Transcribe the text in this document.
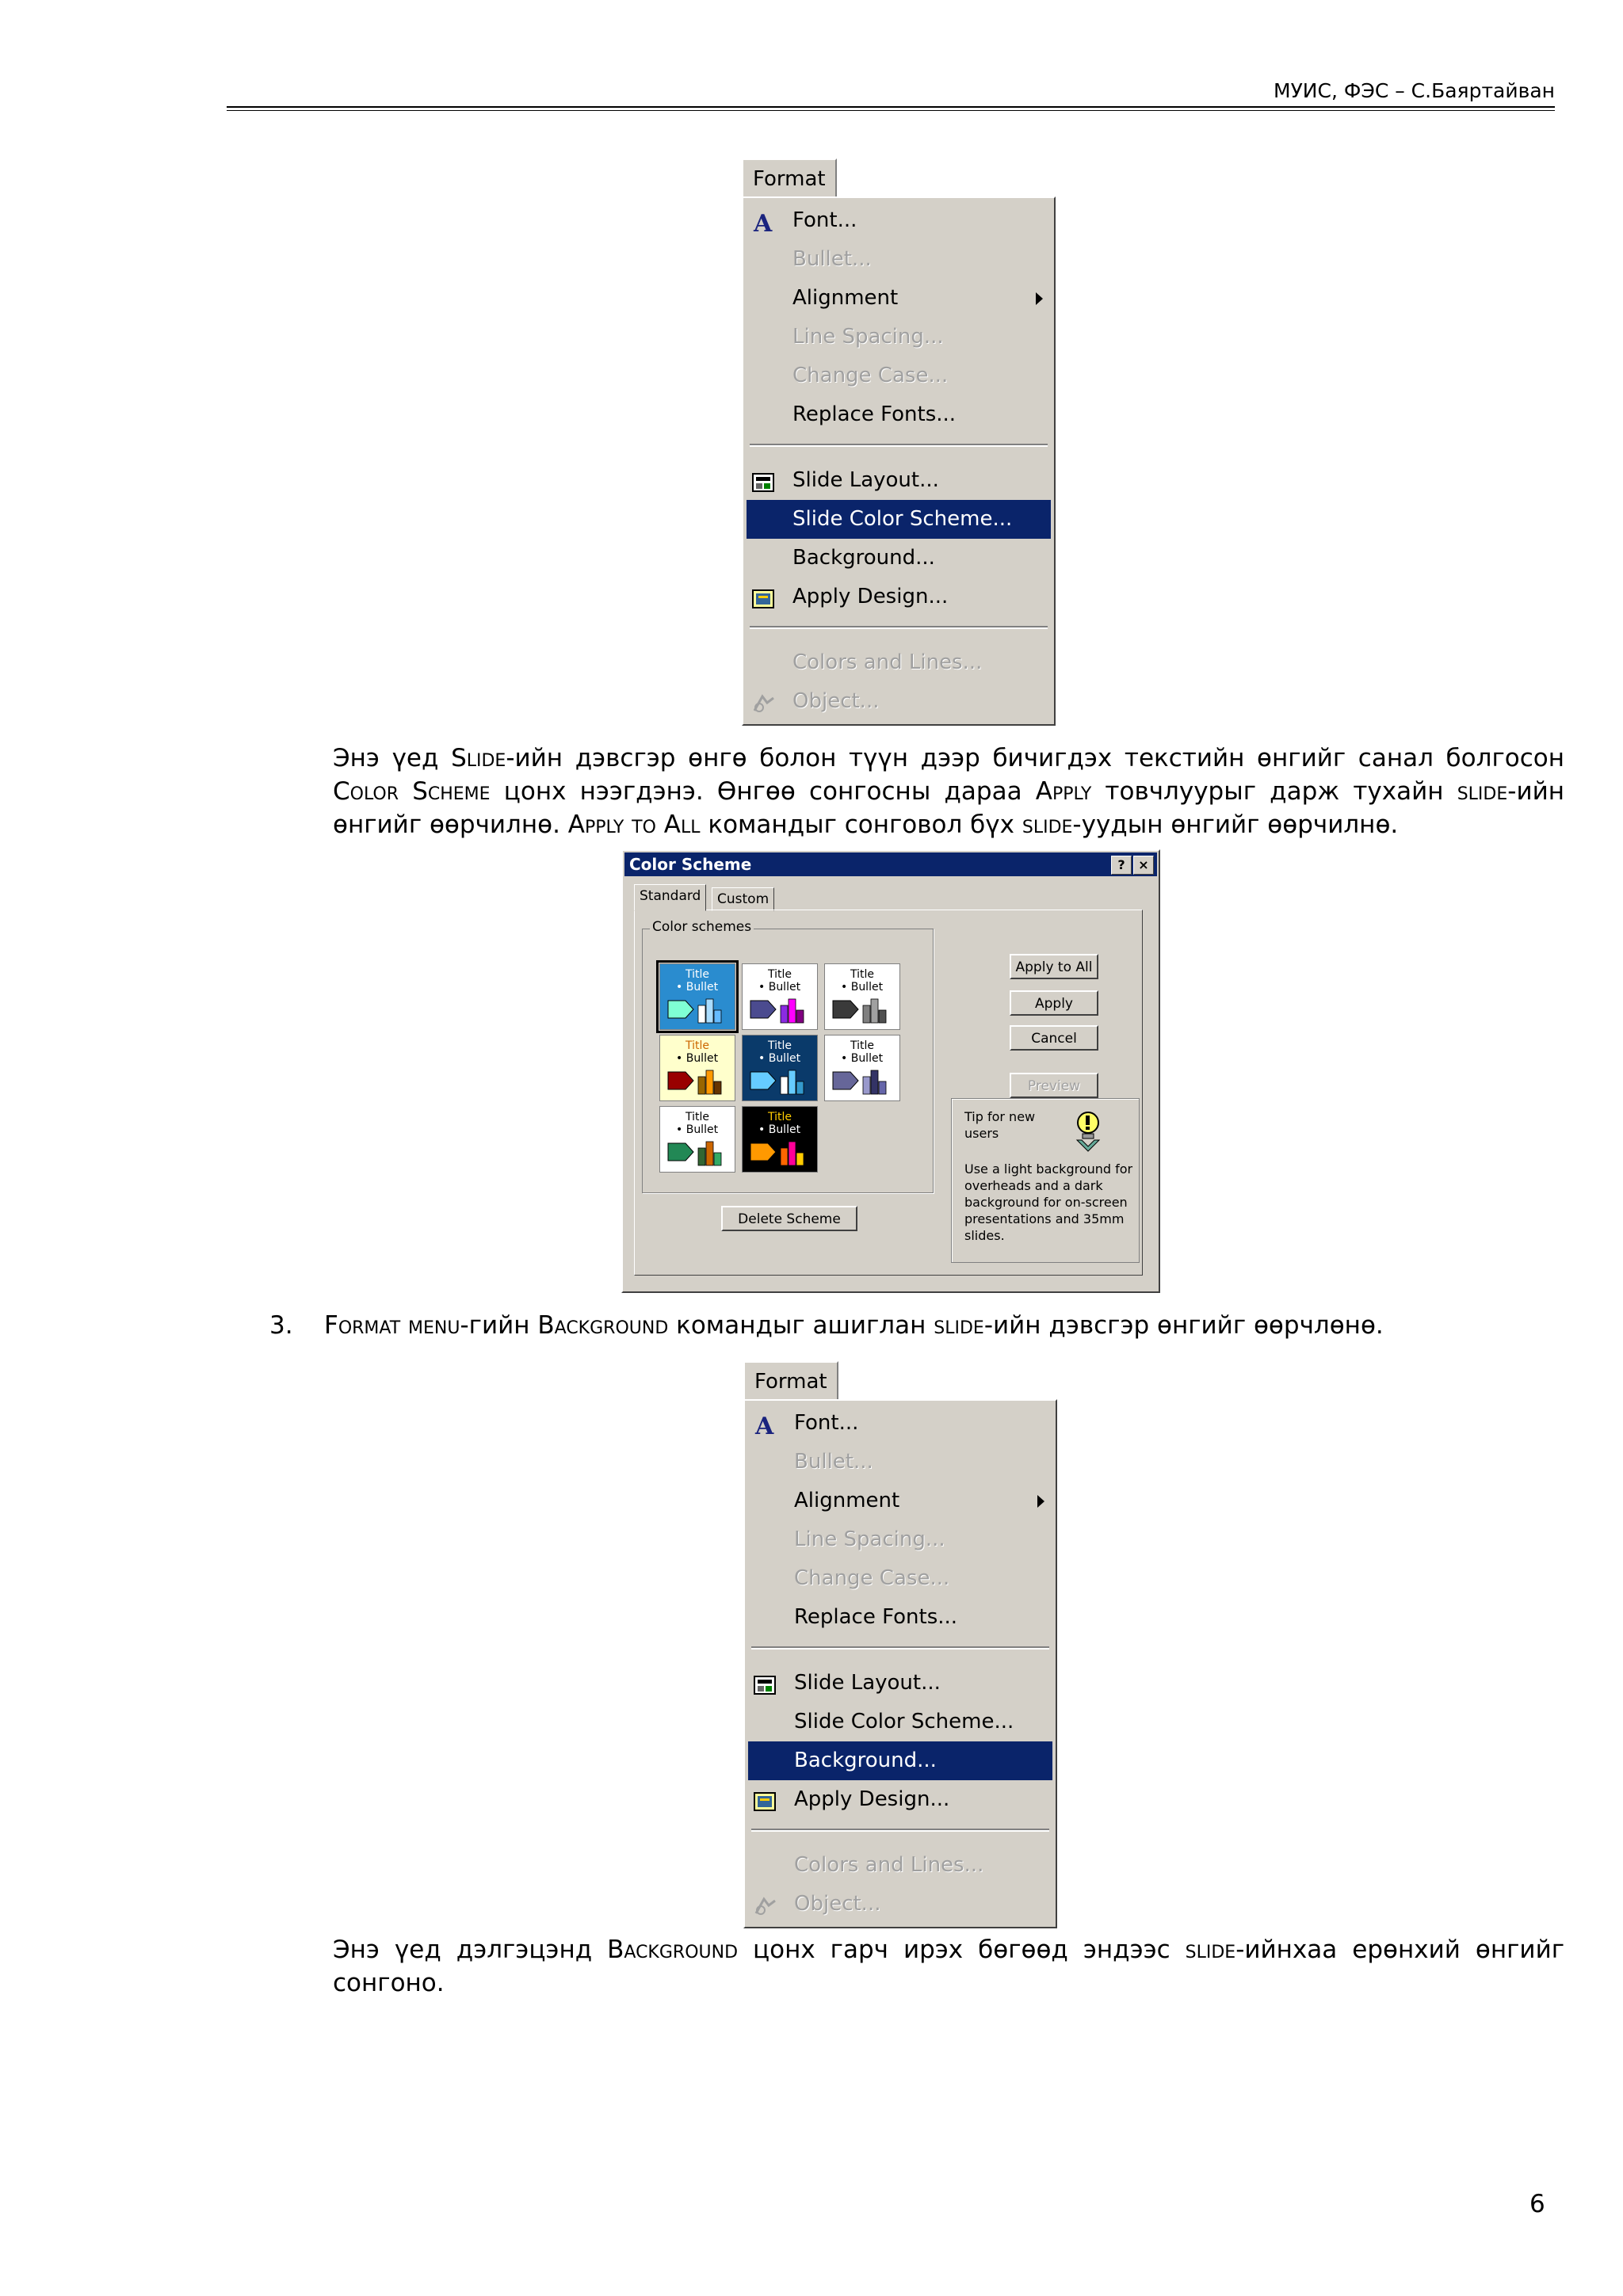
МУИС, ФЭС – С.Баяртайван
Format
A Font...
Bullet...
Alignment
Line Spacing...
Change Case...
Replace Fonts...
Slide Layout...
Slide Color Scheme...
Background...
Apply Design...
Colors and Lines...
Object...
Энэ үед Slide-ийн дэвсгэр өнгө болон түүн дээр бичигдэх текстийн өнгийг санал болгосон Color Scheme цонх нээгдэнэ. Өнгөө сонгосны дараа Apply товчлуурыг дарж тухайн slide-ийн өнгийг өөрчилнө. Apply to All командыг сонговол бүх slide-уудын өнгийг өөрчилнө.
Color Scheme	?	×
Standard	Custom
Color schemes
Title
• Bullet
Title
• Bullet
Title
• Bullet
Title
• Bullet
Title
• Bullet
Title
• Bullet
Title
• Bullet
Title
• Bullet
Apply to All
Apply
Cancel
Preview
Delete Scheme
Tip for new users
Use a light background for overheads and a dark background for on-screen presentations and 35mm slides.
3. Format menu-гийн Background командыг ашиглан slide-ийн дэвсгэр өнгийг өөрчлөнө.
Format
A Font...
Bullet...
Alignment
Line Spacing...
Change Case...
Replace Fonts...
Slide Layout...
Slide Color Scheme...
Background...
Apply Design...
Colors and Lines...
Object...
Энэ үед дэлгэцэнд Background цонх гарч ирэх бөгөөд эндээс slide-ийнхаа ерөнхий өнгийг сонгоно.
6
